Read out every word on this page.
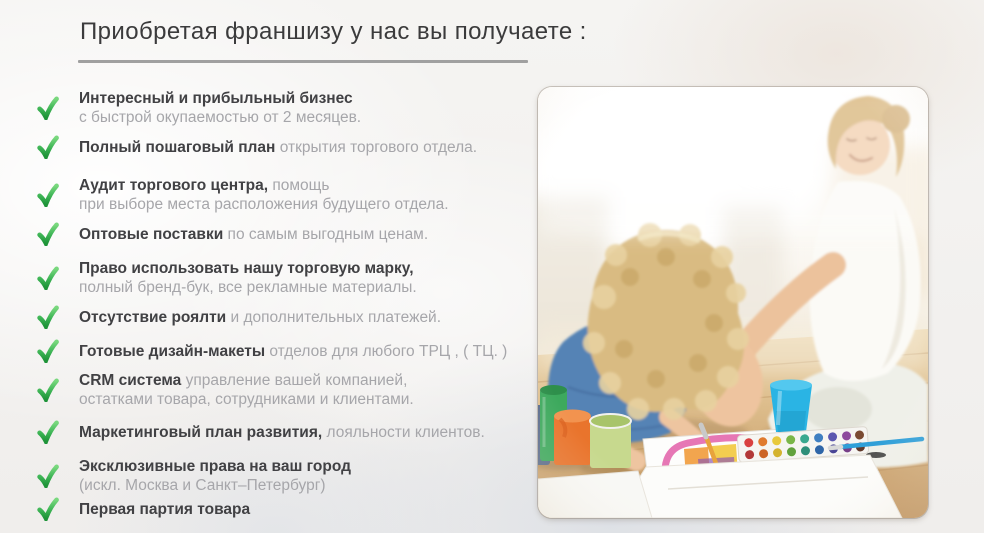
Приобретая франшизу у нас вы получаете :
Интересный и прибыльный бизнес
с быстрой окупаемостью от 2 месяцев.
Полный пошаговый план открытия торгового отдела.
Аудит торгового центра, помощь
при выборе места расположения будущего отдела.
Оптовые поставки по самым выгодным ценам.
Право использовать нашу торговую марку,
полный бренд-бук, все рекламные материалы.
Отсутствие роялти и дополнительных платежей.
Готовые дизайн-макеты отделов для любого ТРЦ , ( ТЦ. )
CRM система управление вашей компанией,
остатками товара, сотрудниками и клиентами.
Маркетинговый план развития, лояльности клиентов.
Эксклюзивные права на ваш город
(искл. Москва и Санкт–Петербург)
Первая партия товара
